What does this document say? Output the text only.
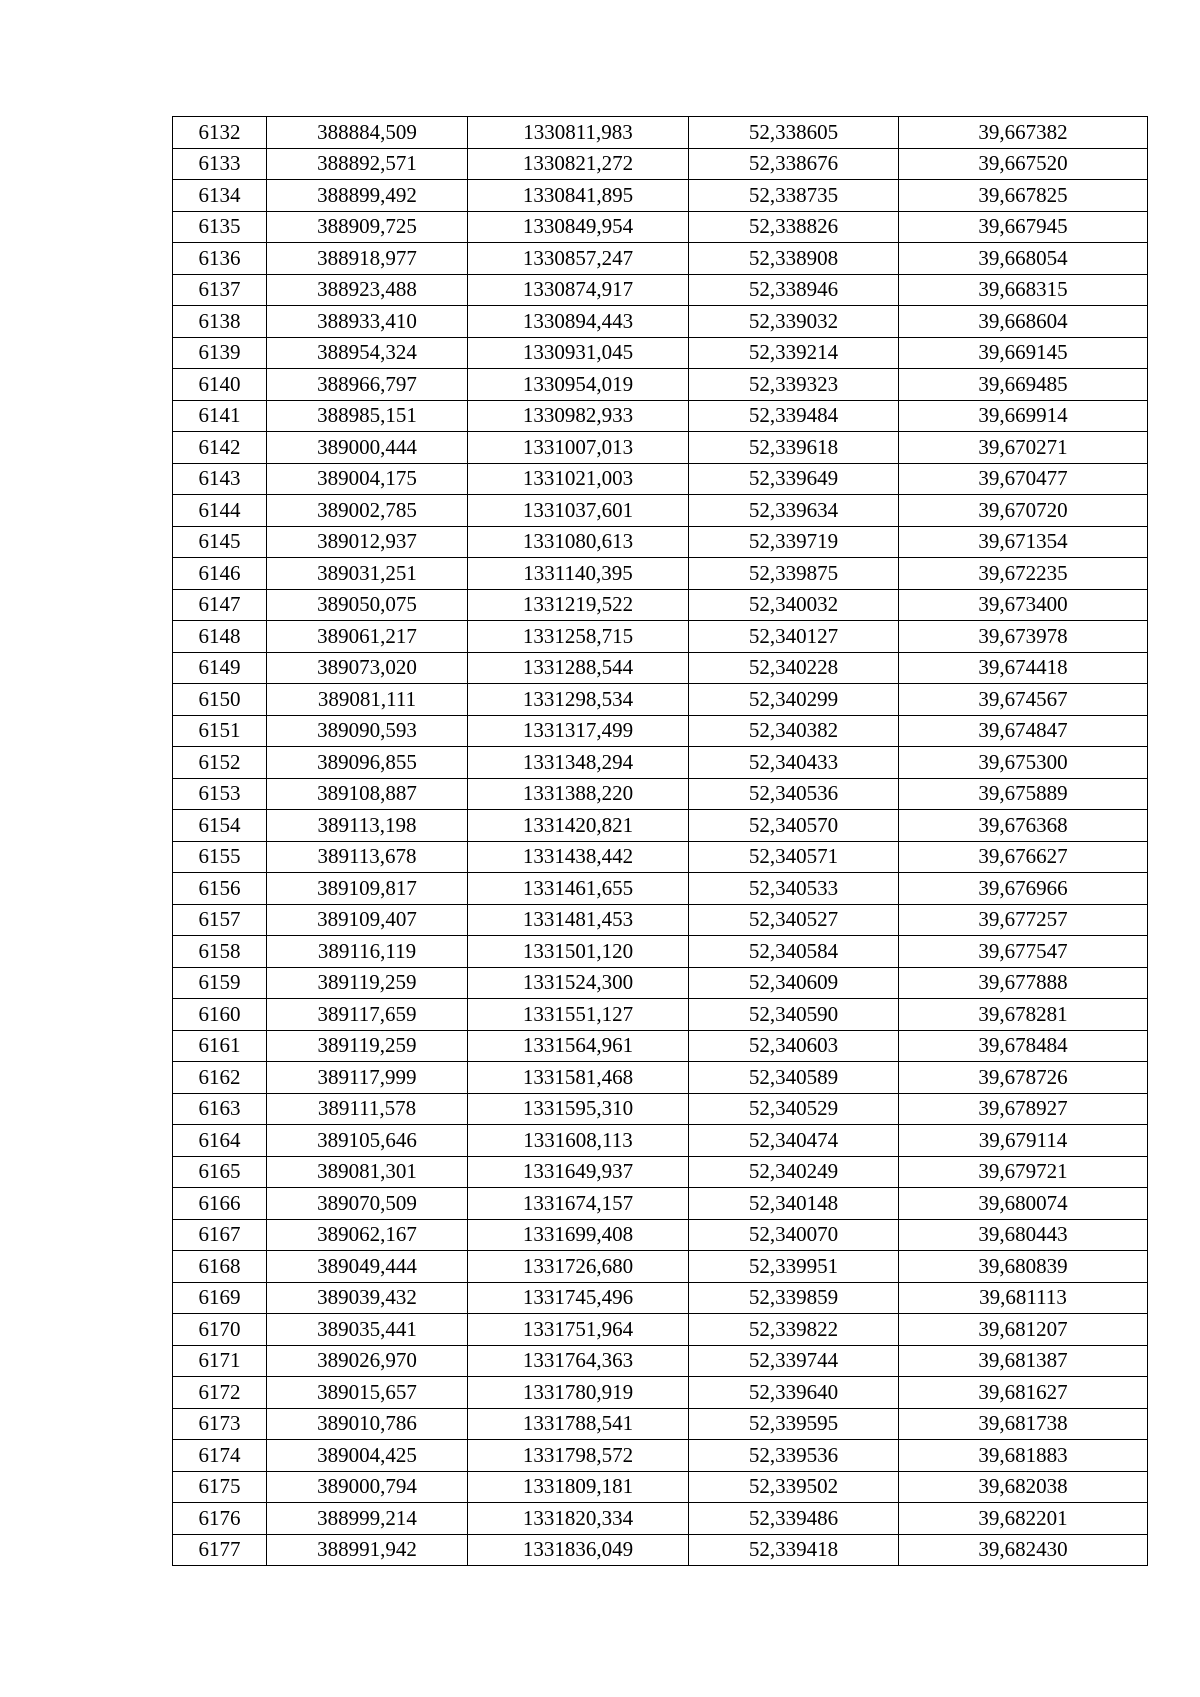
6132	388884,509	1330811,983	52,338605	39,667382
6133	388892,571	1330821,272	52,338676	39,667520
6134	388899,492	1330841,895	52,338735	39,667825
6135	388909,725	1330849,954	52,338826	39,667945
6136	388918,977	1330857,247	52,338908	39,668054
6137	388923,488	1330874,917	52,338946	39,668315
6138	388933,410	1330894,443	52,339032	39,668604
6139	388954,324	1330931,045	52,339214	39,669145
6140	388966,797	1330954,019	52,339323	39,669485
6141	388985,151	1330982,933	52,339484	39,669914
6142	389000,444	1331007,013	52,339618	39,670271
6143	389004,175	1331021,003	52,339649	39,670477
6144	389002,785	1331037,601	52,339634	39,670720
6145	389012,937	1331080,613	52,339719	39,671354
6146	389031,251	1331140,395	52,339875	39,672235
6147	389050,075	1331219,522	52,340032	39,673400
6148	389061,217	1331258,715	52,340127	39,673978
6149	389073,020	1331288,544	52,340228	39,674418
6150	389081,111	1331298,534	52,340299	39,674567
6151	389090,593	1331317,499	52,340382	39,674847
6152	389096,855	1331348,294	52,340433	39,675300
6153	389108,887	1331388,220	52,340536	39,675889
6154	389113,198	1331420,821	52,340570	39,676368
6155	389113,678	1331438,442	52,340571	39,676627
6156	389109,817	1331461,655	52,340533	39,676966
6157	389109,407	1331481,453	52,340527	39,677257
6158	389116,119	1331501,120	52,340584	39,677547
6159	389119,259	1331524,300	52,340609	39,677888
6160	389117,659	1331551,127	52,340590	39,678281
6161	389119,259	1331564,961	52,340603	39,678484
6162	389117,999	1331581,468	52,340589	39,678726
6163	389111,578	1331595,310	52,340529	39,678927
6164	389105,646	1331608,113	52,340474	39,679114
6165	389081,301	1331649,937	52,340249	39,679721
6166	389070,509	1331674,157	52,340148	39,680074
6167	389062,167	1331699,408	52,340070	39,680443
6168	389049,444	1331726,680	52,339951	39,680839
6169	389039,432	1331745,496	52,339859	39,681113
6170	389035,441	1331751,964	52,339822	39,681207
6171	389026,970	1331764,363	52,339744	39,681387
6172	389015,657	1331780,919	52,339640	39,681627
6173	389010,786	1331788,541	52,339595	39,681738
6174	389004,425	1331798,572	52,339536	39,681883
6175	389000,794	1331809,181	52,339502	39,682038
6176	388999,214	1331820,334	52,339486	39,682201
6177	388991,942	1331836,049	52,339418	39,682430
